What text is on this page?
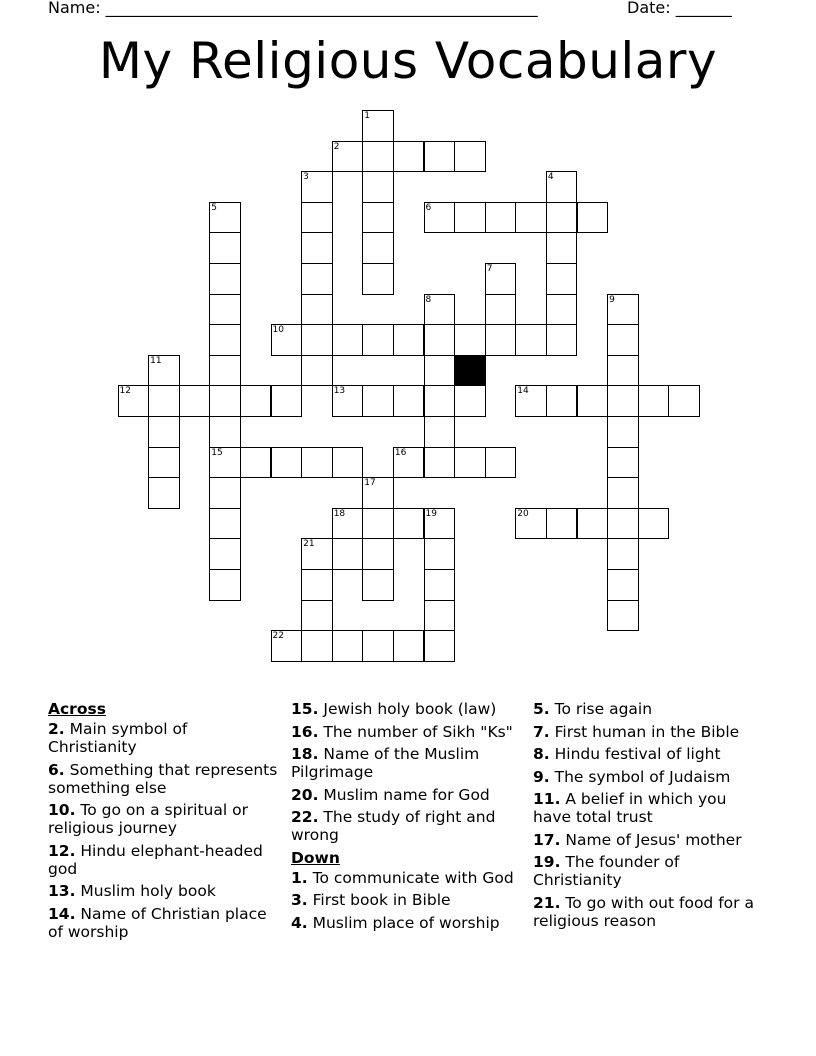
Name: ______________________________________________________

	Date: _______

My Religious Vocabulary
1
2
3	4
5	6
7
8	9
10
11
12	13	14
15	16
17
18	19	20
21
22
Across
2. Main symbol of Christianity
6. Something that represents something else
10. To go on a spiritual or religious journey
12. Hindu elephant-headed god
13. Muslim holy book
14. Name of Christian place of worship
15. Jewish holy book (law)
16. The number of Sikh "Ks"
18. Name of the Muslim Pilgrimage
20. Muslim name for God
22. The study of right and wrong
Down
1. To communicate with God
3. First book in Bible
4. Muslim place of worship
5. To rise again
7. First human in the Bible
8. Hindu festival of light
9. The symbol of Judaism
11. A belief in which you have total trust
17. Name of Jesus' mother
19. The founder of Christianity
21. To go with out food for a religious reason
